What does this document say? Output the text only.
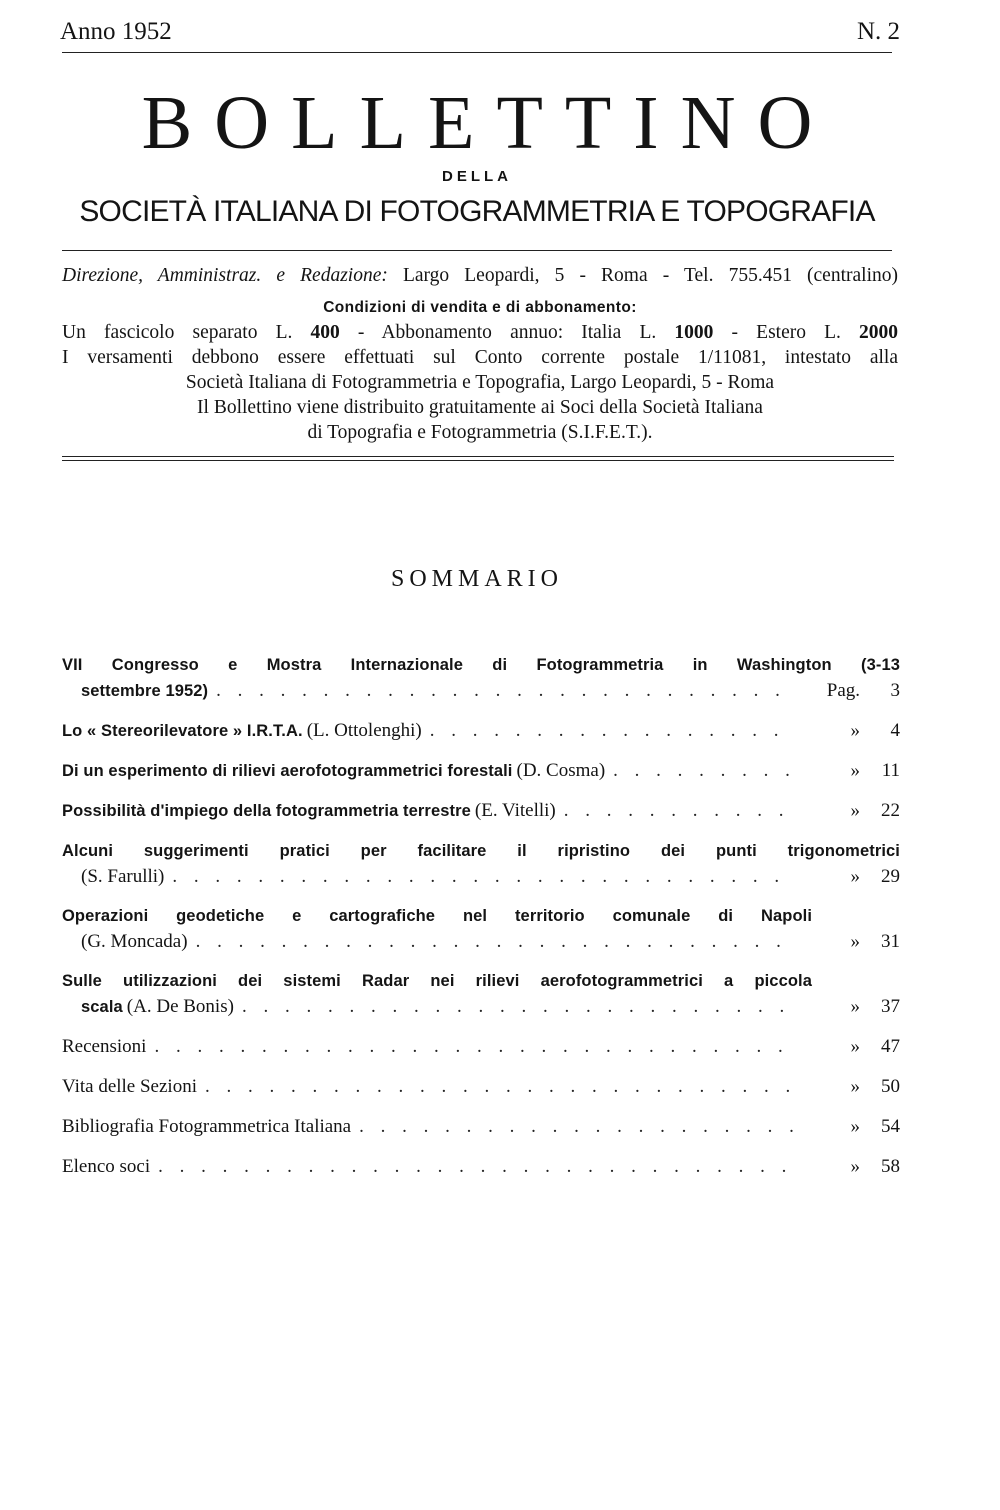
Anno 1952	N. 2
BOLLETTINO
DELLA
SOCIETÀ ITALIANA DI FOTOGRAMMETRIA E TOPOGRAFIA
Direzione, Amministraz. e Redazione: Largo Leopardi, 5 - Roma - Tel. 755.451 (centralino)
Condizioni di vendita e di abbonamento:
Un fascicolo separato L. 400 - Abbonamento annuo: Italia L. 1000 - Estero L. 2000
I versamenti debbono essere effettuati sul Conto corrente postale 1/11081, intestato alla
Società Italiana di Fotogrammetria e Topografia, Largo Leopardi, 5 - Roma
Il Bollettino viene distribuito gratuitamente ai Soci della Società Italiana
di Topografia e Fotogrammetria (S.I.F.E.T.).
SOMMARIO
VII Congresso e Mostra Internazionale di Fotogrammetria in Washington (3-13
settembre 1952) . . .	Pag.	3
Lo « Stereorilevatore » I.R.T.A.
(L. Ottolenghi) . . .	»	4
Di un esperimento di rilievi aerofotogrammetrici forestali
(D. Cosma) . . .	»	11
Possibilità d'impiego della fotogrammetria terrestre
(E. Vitelli) . . .	»	22
Alcuni suggerimenti pratici per facilitare il ripristino dei punti trigonometrici
(S. Farulli) . . .	»	29
Operazioni geodetiche e cartografiche nel territorio comunale di Napoli
(G. Moncada) . . .	»	31
Sulle utilizzazioni dei sistemi Radar nei rilievi aerofotogrammetrici a piccola
scala
(A. De Bonis) . . .	»	37
Recensioni . . .	»	47
Vita delle Sezioni . . .	»	50
Bibliografia Fotogrammetrica Italiana . . .	»	54
Elenco soci . . .	»	58
